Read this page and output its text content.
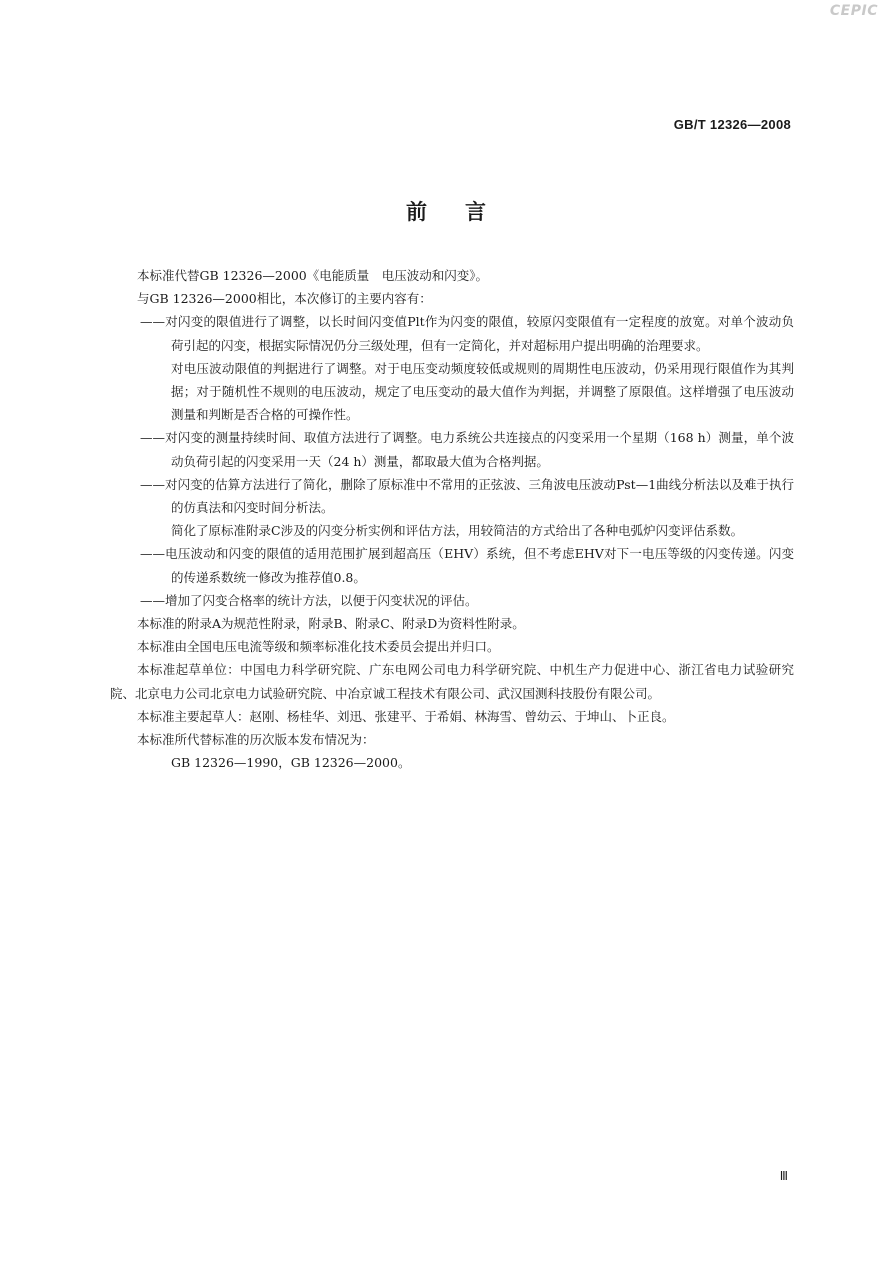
CEPIC
GB/T 12326—2008
前言

本标准代替GB 12326—2000《电能质量　电压波动和闪变》。

与GB 12326—2000相比，本次修订的主要内容有：

——对闪变的限值进行了调整，以长时间闪变值Plt作为闪变的限值，较原闪变限值有一定程度的放宽。对单个波动负荷引起的闪变，根据实际情况仍分三级处理，但有一定简化，并对超标用户提出明确的治理要求。

对电压波动限值的判据进行了调整。对于电压变动频度较低或规则的周期性电压波动，仍采用现行限值作为其判据；对于随机性不规则的电压波动，规定了电压变动的最大值作为判据，并调整了原限值。这样增强了电压波动测量和判断是否合格的可操作性。

——对闪变的测量持续时间、取值方法进行了调整。电力系统公共连接点的闪变采用一个星期（168 h）测量，单个波动负荷引起的闪变采用一天（24 h）测量，都取最大值为合格判据。

——对闪变的估算方法进行了简化，删除了原标准中不常用的正弦波、三角波电压波动Pst—1曲线分析法以及难于执行的仿真法和闪变时间分析法。

简化了原标准附录C涉及的闪变分析实例和评估方法，用较简洁的方式给出了各种电弧炉闪变评估系数。

——电压波动和闪变的限值的适用范围扩展到超高压（EHV）系统，但不考虑EHV对下一电压等级的闪变传递。闪变的传递系数统一修改为推荐值0.8。

——增加了闪变合格率的统计方法，以便于闪变状况的评估。

本标准的附录A为规范性附录，附录B、附录C、附录D为资料性附录。

本标准由全国电压电流等级和频率标准化技术委员会提出并归口。

本标准起草单位：中国电力科学研究院、广东电网公司电力科学研究院、中机生产力促进中心、浙江省电力试验研究院、北京电力公司北京电力试验研究院、中冶京诚工程技术有限公司、武汉国测科技股份有限公司。

本标准主要起草人：赵刚、杨桂华、刘迅、张建平、于希娟、林海雪、曾幼云、于坤山、卜正良。

本标准所代替标准的历次版本发布情况为：

GB 12326—1990，GB 12326—2000。

Ⅲ
